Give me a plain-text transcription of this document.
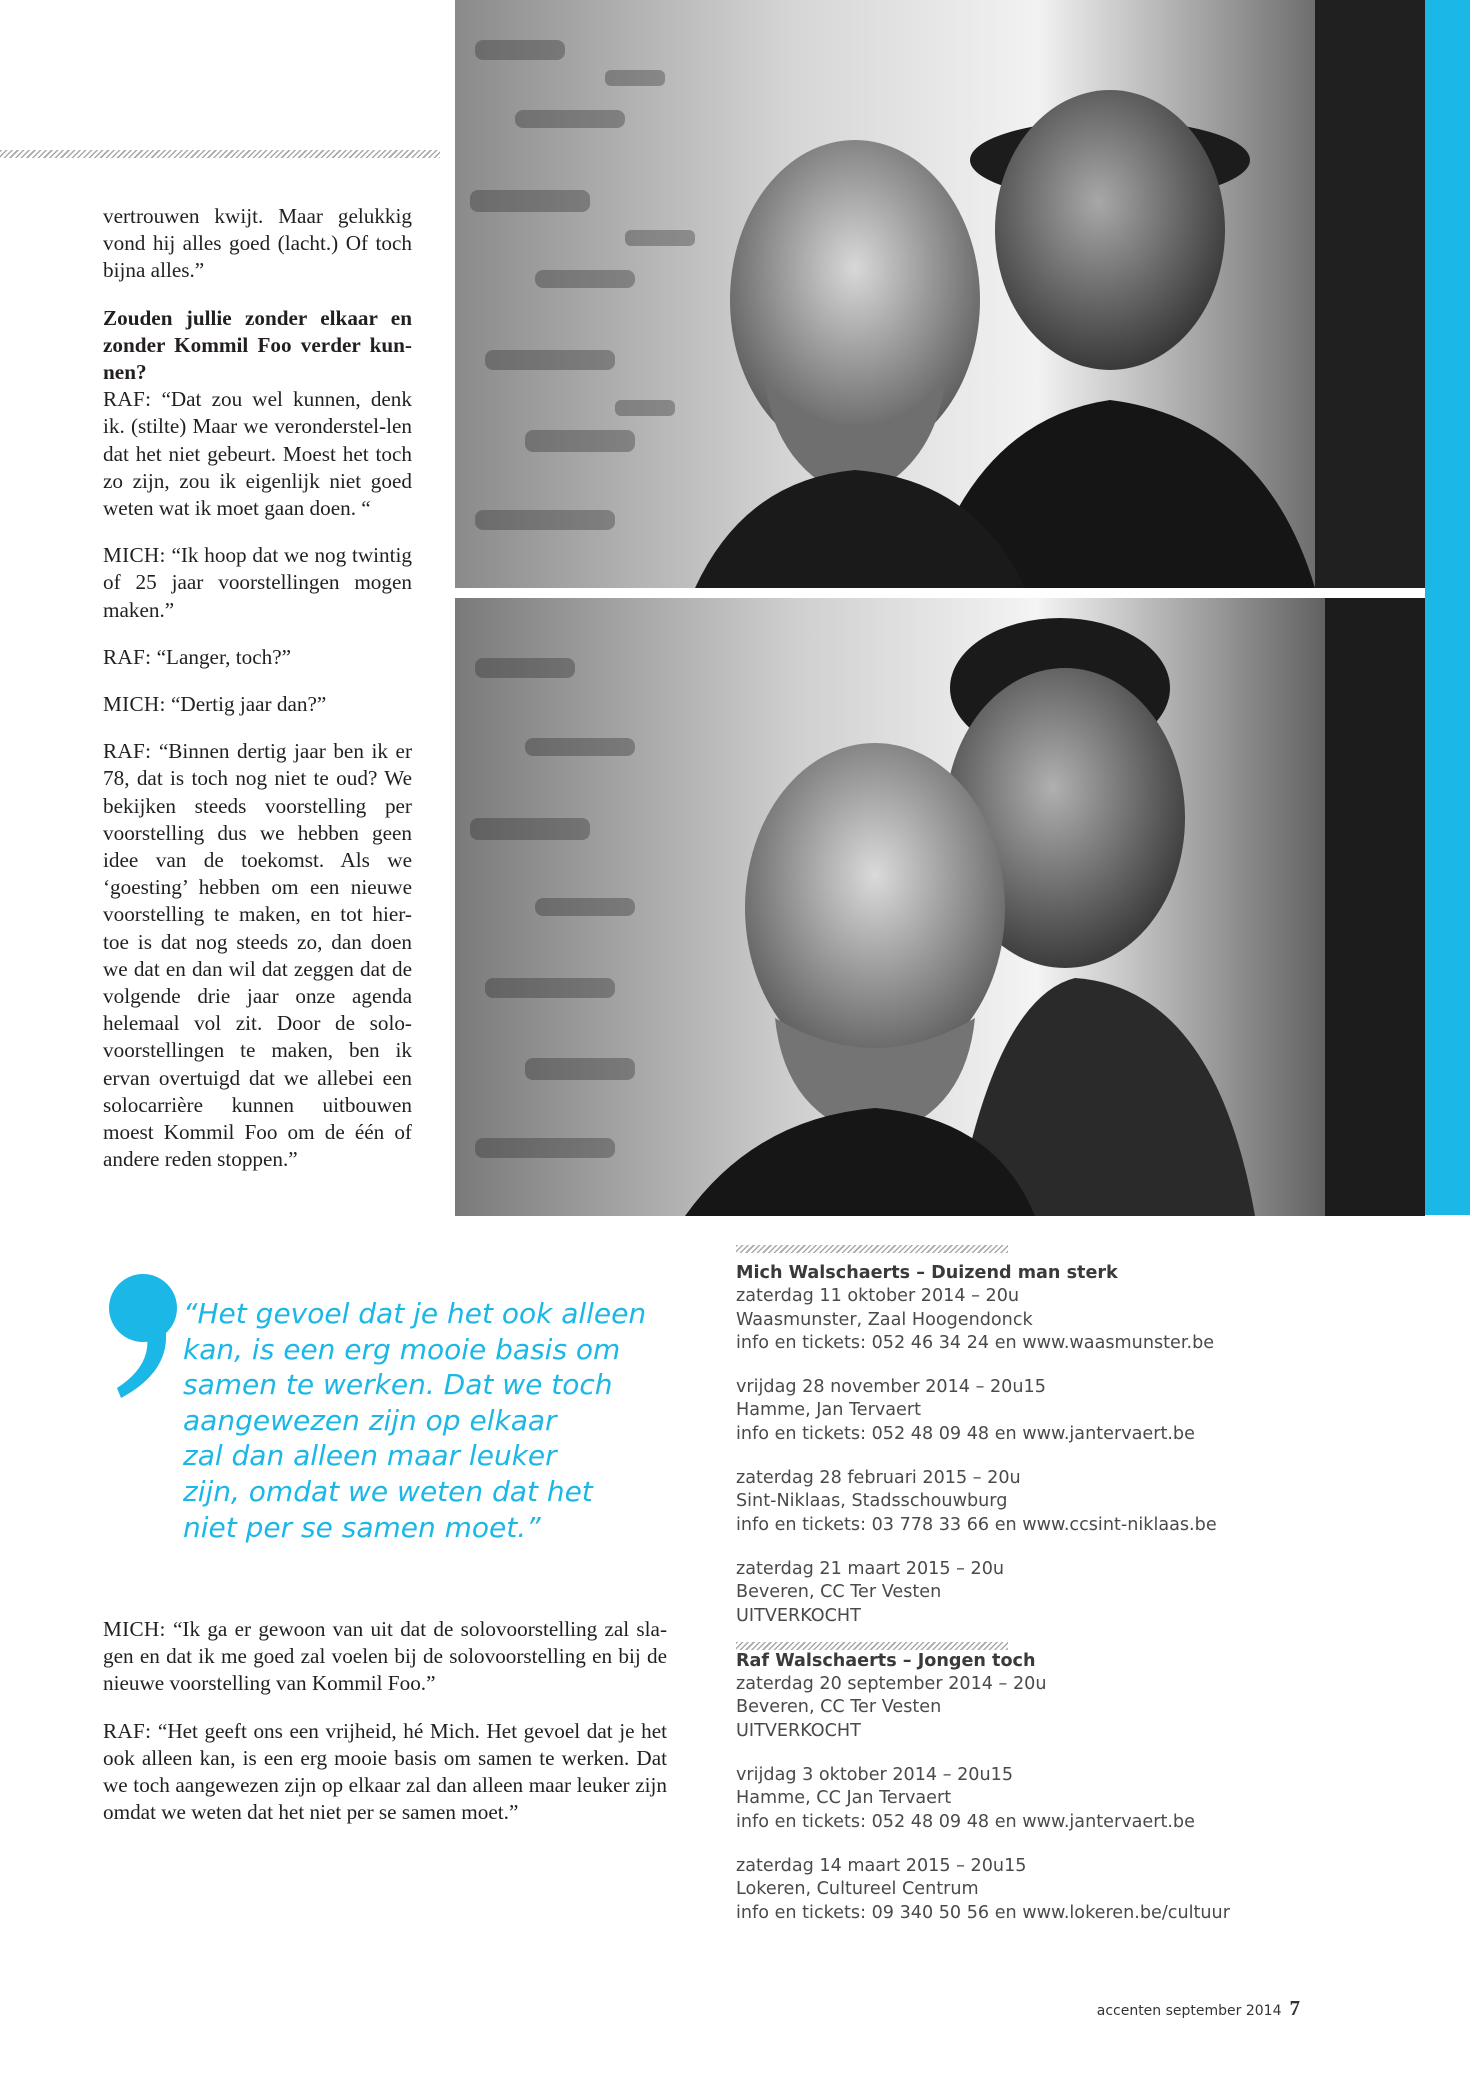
vertrouwen kwijt. Maar gelukkig vond hij alles goed (lacht.) Of toch bijna alles.”

Zouden jullie zonder elkaar en zonder Kommil Foo verder kun-nen?

RAF: “Dat zou wel kunnen, denk ik. (stilte) Maar we veronderstel-len dat het niet gebeurt. Moest het toch zo zijn, zou ik eigenlijk niet goed weten wat ik moet gaan doen. “

MICH: “Ik hoop dat we nog twintig of 25 jaar voorstellingen mogen maken.”

RAF: “Langer, toch?”

MICH: “Dertig jaar dan?”

RAF: “Binnen dertig jaar ben ik er 78, dat is toch nog niet te oud? We bekijken steeds voorstelling per voorstelling dus we hebben geen idee van de toekomst. Als we ‘goesting’ hebben om een nieuwe voorstelling te maken, en tot hier-toe is dat nog steeds zo, dan doen we dat en dan wil dat zeggen dat de volgende drie jaar onze agenda helemaal vol zit. Door de solo-voorstellingen te maken, ben ik ervan overtuigd dat we allebei een solocarrière kunnen uitbouwen moest Kommil Foo om de één of andere reden stoppen.”

“Het gevoel dat je het ook alleen
kan, is een erg mooie basis om
samen te werken. Dat we toch
aangewezen zijn op elkaar
zal dan alleen maar leuker
zijn, omdat we weten dat het
niet per se samen moet.”

MICH: “Ik ga er gewoon van uit dat de solovoorstelling zal sla-gen en dat ik me goed zal voelen bij de solovoorstelling en bij de nieuwe voorstelling van Kommil Foo.”

RAF: “Het geeft ons een vrijheid, hé Mich. Het gevoel dat je het ook alleen kan, is een erg mooie basis om samen te werken. Dat we toch aangewezen zijn op elkaar zal dan alleen maar leuker zijn omdat we weten dat het niet per se samen moet.”

Mich Walschaerts – Duizend man sterk

zaterdag 11 oktober 2014 – 20u
Waasmunster, Zaal Hoogendonck
info en tickets: 052 46 34 24 en www.waasmunster.be
vrijdag 28 november 2014 – 20u15
Hamme, Jan Tervaert
info en tickets: 052 48 09 48 en www.jantervaert.be
zaterdag 28 februari 2015 – 20u
Sint-Niklaas, Stadsschouwburg
info en tickets: 03 778 33 66 en www.ccsint-niklaas.be
zaterdag 21 maart 2015 – 20u
Beveren, CC Ter Vesten
UITVERKOCHT

Raf Walschaerts – Jongen toch

zaterdag 20 september 2014 – 20u
Beveren, CC Ter Vesten
UITVERKOCHT
vrijdag 3 oktober 2014 – 20u15
Hamme, CC Jan Tervaert
info en tickets: 052 48 09 48 en www.jantervaert.be
zaterdag 14 maart 2015 – 20u15
Lokeren, Cultureel Centrum
info en tickets: 09 340 50 56 en www.lokeren.be/cultuur
accenten september 2014 7
